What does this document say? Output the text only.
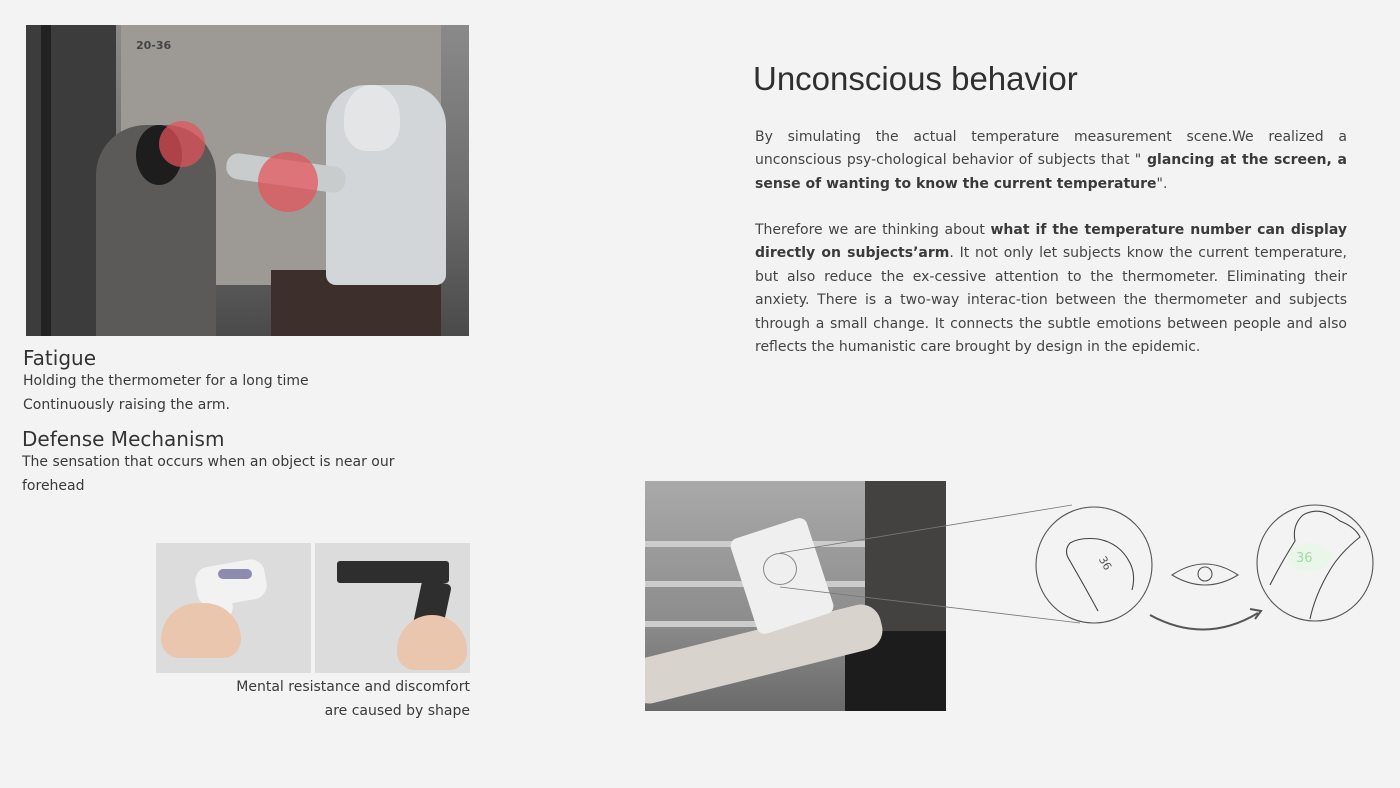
20-36
Fatigue

Holding the thermometer for a long time

Continuously raising the arm.

Defense Mechanism

The sensation that occurs when an object is near our

forehead

Mental resistance and discomfort
are caused by shape
Unconscious behavior

By simulating the actual temperature measurement scene.We realized a unconscious psy-chological behavior of subjects that " glancing at the screen, a sense of wanting to know the current temperature".

Therefore we are thinking about what if the temperature number can display directly on subjects’arm. It not only let subjects know the current temperature, but also reduce the ex-cessive attention to the thermometer. Eliminating their anxiety. There is a two-way interac-tion between the thermometer and subjects through a small change. It connects the subtle emotions between people and also reflects the humanistic care brought by design in the epidemic.

36	36
